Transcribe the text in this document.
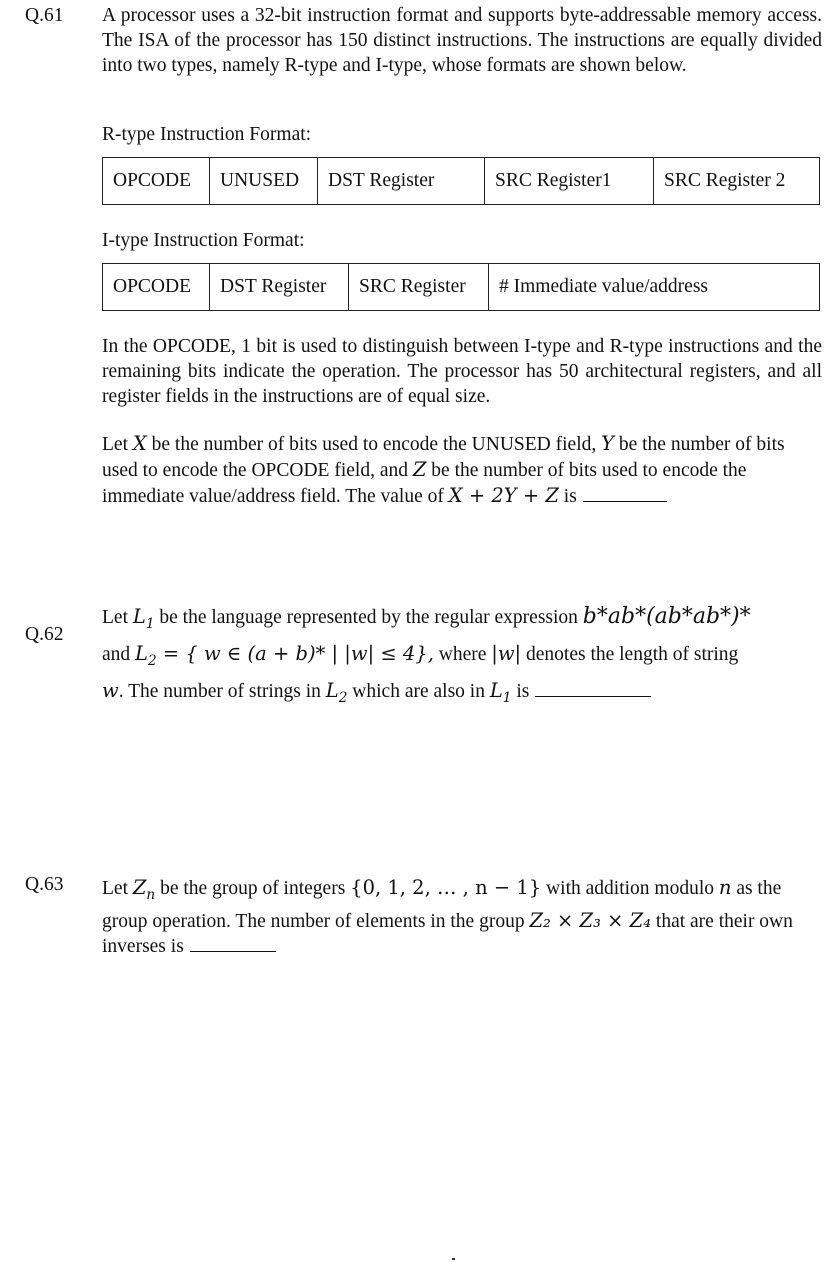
Q.61 A processor uses a 32-bit instruction format and supports byte-addressable memory access. The ISA of the processor has 150 distinct instructions. The instructions are equally divided into two types, namely R-type and I-type, whose formats are shown below.
R-type Instruction Format:
OPCODE	UNUSED	DST Register	SRC Register1	SRC Register 2
I-type Instruction Format:
OPCODE	DST Register	SRC Register	# Immediate value/address
In the OPCODE, 1 bit is used to distinguish between I-type and R-type instructions and the remaining bits indicate the operation. The processor has 50 architectural registers, and all register fields in the instructions are of equal size.
Let X be the number of bits used to encode the UNUSED field, Y be the number of bits used to encode the OPCODE field, and Z be the number of bits used to encode the immediate value/address field. The value of X + 2Y + Z is
Q.62
Let $L_1$ be the language represented by the regular expression b*ab*(ab*ab*)*
and $L_2$ = { w ∈ (a + b)* | |w| ≤ 4}, where |w| denotes the length of string
w. The number of strings in $L_2$ which are also in $L_1$ is
Q.63 Let $Z_n$ be the group of integers {0, 1, 2, … , n − 1} with addition modulo n as the group operation. The number of elements in the group Z₂ × Z₃ × Z₄ that are their own inverses is
